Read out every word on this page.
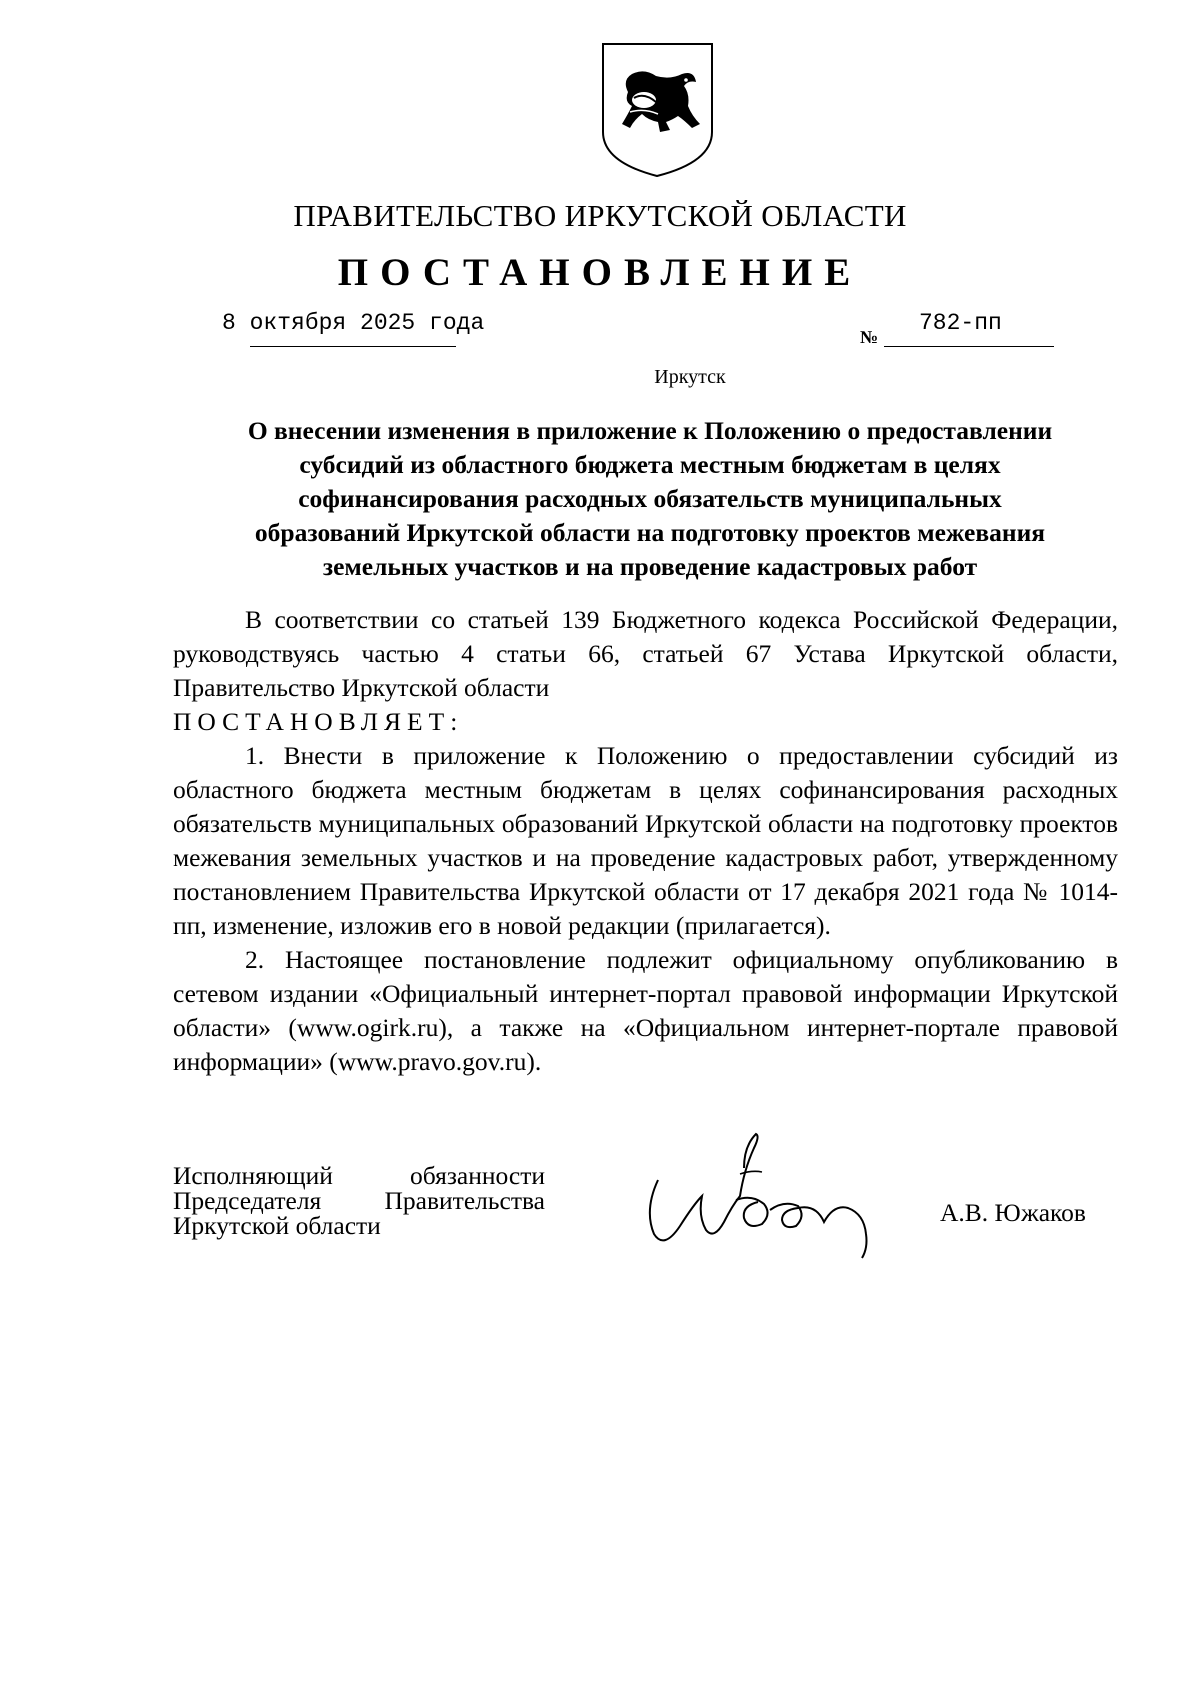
ПРАВИТЕЛЬСТВО ИРКУТСКОЙ ОБЛАСТИ
ПОСТАНОВЛЕНИЕ
8 октября 2025 года
№
782-пп
Иркутск
О внесении изменения в приложение к Положению о предоставлении
субсидий из областного бюджета местным бюджетам в целях
софинансирования расходных обязательств муниципальных
образований Иркутской области на подготовку проектов межевания
земельных участков и на проведение кадастровых работ

В соответствии со статьей 139 Бюджетного кодекса Российской Федерации, руководствуясь частью 4 статьи 66, статьей 67 Устава Иркутской области, Правительство Иркутской области

ПОСТАНОВЛЯЕТ:

1. Внести в приложение к Положению о предоставлении субсидий из областного бюджета местным бюджетам в целях софинансирования расходных обязательств муниципальных образований Иркутской области на подготовку проектов межевания земельных участков и на проведение кадастровых работ, утвержденному постановлением Правительства Иркутской области от 17 декабря 2021 года № 1014-пп, изменение, изложив его в новой редакции (прилагается).

2. Настоящее постановление подлежит официальному опубликованию в сетевом издании «Официальный интернет-портал правовой информации Иркутской области» (www.ogirk.ru), а также на «Официальном интернет-портале правовой информации» (www.pravo.gov.ru).

Исполняющий обязанности
Председателя Правительства
Иркутской области	А.В. Южаков
